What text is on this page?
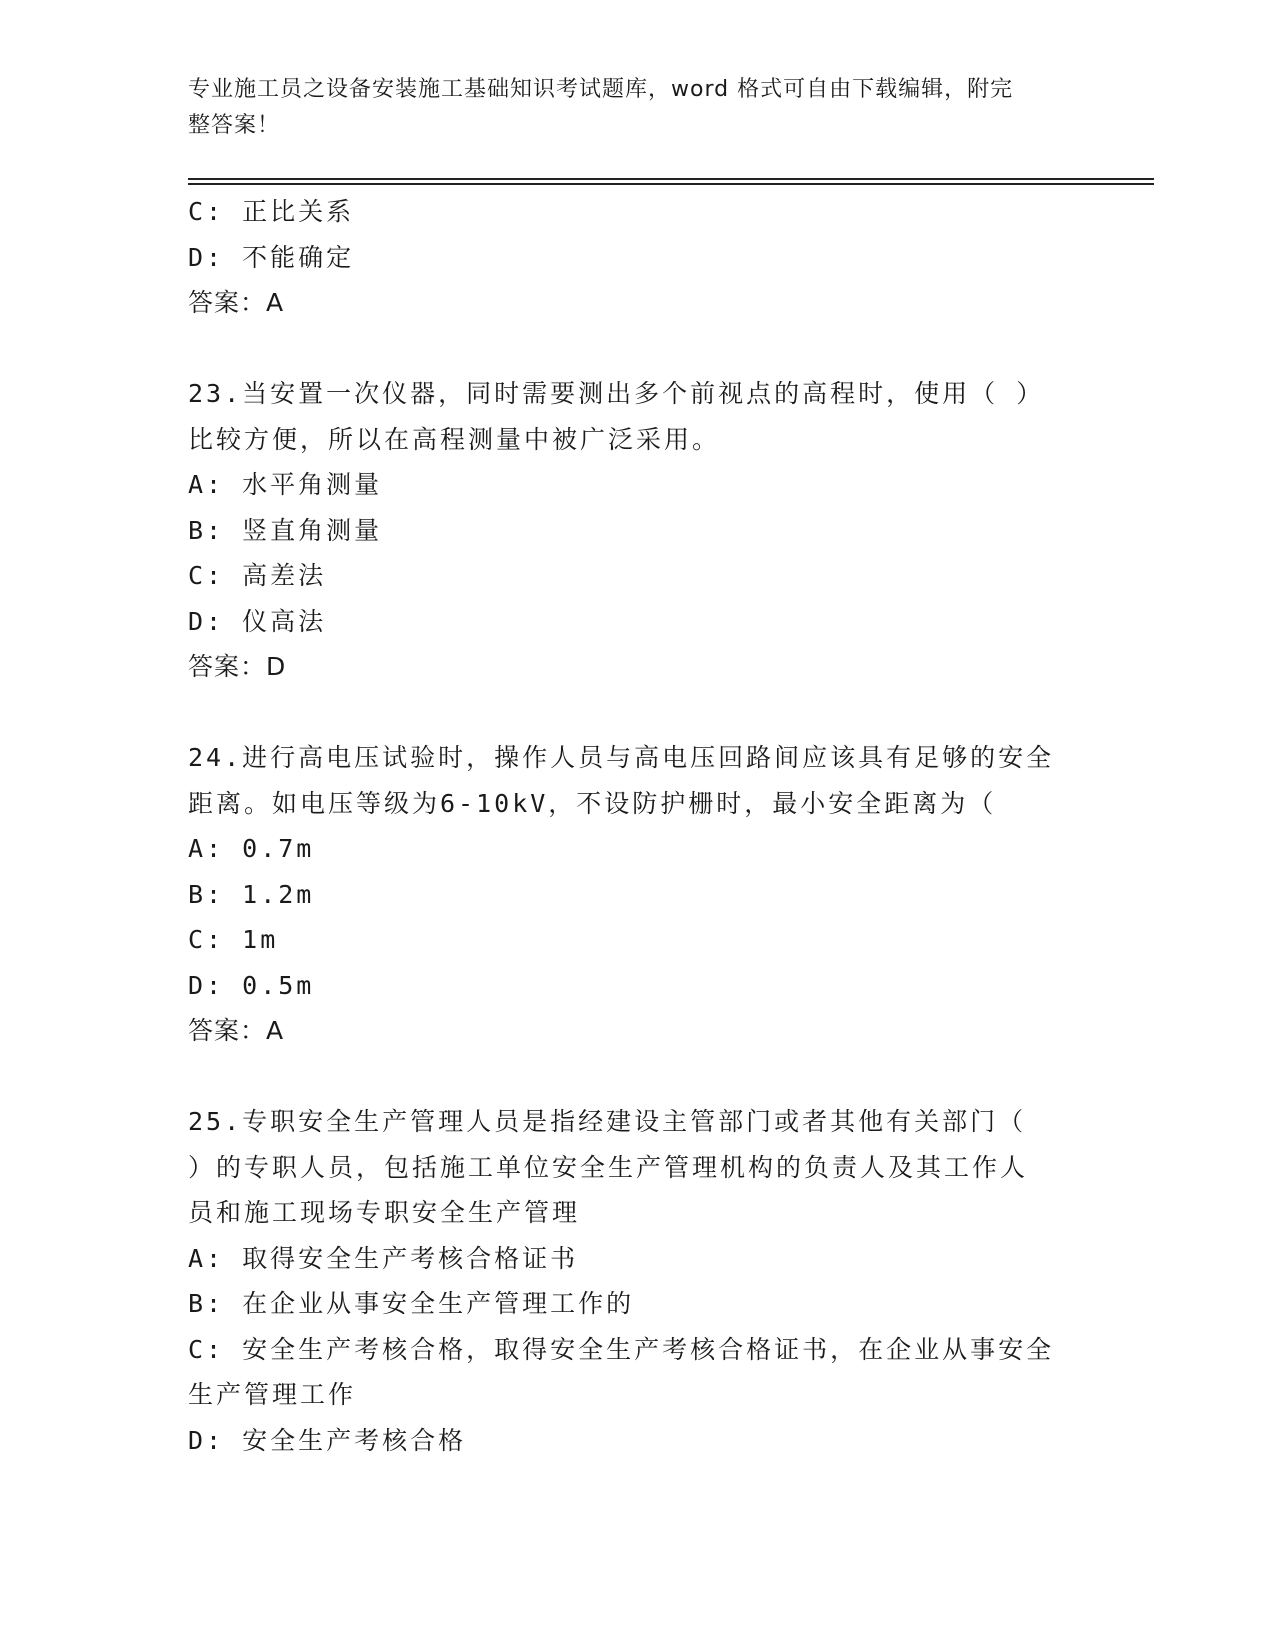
专业施工员之设备安装施工基础知识考试题库，word 格式可自由下载编辑，附完
整答案！
C: 正比关系
D: 不能确定
答案：A
23.当安置一次仪器，同时需要测出多个前视点的高程时，使用（ ）
比较方便，所以在高程测量中被广泛采用。
A: 水平角测量
B: 竖直角测量
C: 高差法
D: 仪高法
答案：D
24.进行高电压试验时，操作人员与高电压回路间应该具有足够的安全
距离。如电压等级为6-10kV，不设防护栅时，最小安全距离为（
A: 0.7m
B: 1.2m
C: 1m
D: 0.5m
答案：A
25.专职安全生产管理人员是指经建设主管部门或者其他有关部门（
）的专职人员，包括施工单位安全生产管理机构的负责人及其工作人
员和施工现场专职安全生产管理
A: 取得安全生产考核合格证书
B: 在企业从事安全生产管理工作的
C: 安全生产考核合格，取得安全生产考核合格证书，在企业从事安全
生产管理工作
D: 安全生产考核合格
